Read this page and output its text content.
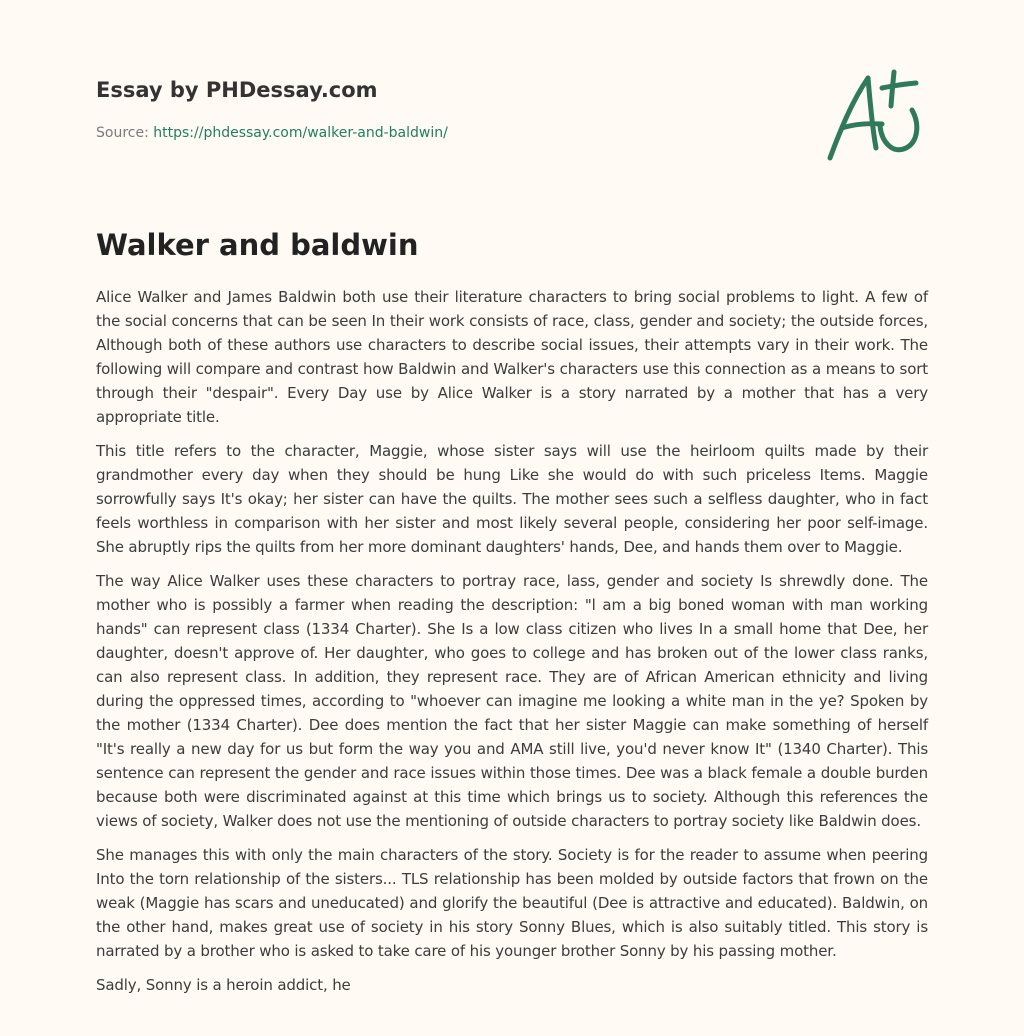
Essay by PHDessay.com
Source: https://phdessay.com/walker-and-baldwin/
Walker and baldwin

Alice Walker and James Baldwin both use their literature characters to bring social problems to light. A few of the social concerns that can be seen In their work consists of race, class, gender and society; the outside forces, Although both of these authors use characters to describe social issues, their attempts vary in their work. The following will compare and contrast how Baldwin and Walker's characters use this connection as a means to sort through their "despair". Every Day use by Alice Walker is a story narrated by a mother that has a very appropriate title.

This title refers to the character, Maggie, whose sister says will use the heirloom quilts made by their grandmother every day when they should be hung Like she would do with such priceless Items. Maggie sorrowfully says It's okay; her sister can have the quilts. The mother sees such a selfless daughter, who in fact feels worthless in comparison with her sister and most likely several people, considering her poor self-image. She abruptly rips the quilts from her more dominant daughters' hands, Dee, and hands them over to Maggie.

The way Alice Walker uses these characters to portray race, lass, gender and society Is shrewdly done. The mother who is possibly a farmer when reading the description: "l am a big boned woman with man working hands" can represent class (1334 Charter). She Is a low class citizen who lives In a small home that Dee, her daughter, doesn't approve of. Her daughter, who goes to college and has broken out of the lower class ranks, can also represent class. In addition, they represent race. They are of African American ethnicity and living during the oppressed times, according to "whoever can imagine me looking a white man in the ye? Spoken by the mother (1334 Charter). Dee does mention the fact that her sister Maggie can make something of herself "It's really a new day for us but form the way you and AMA still live, you'd never know It" (1340 Charter). This sentence can represent the gender and race issues within those times. Dee was a black female a double burden because both were discriminated against at this time which brings us to society. Although this references the views of society, Walker does not use the mentioning of outside characters to portray society like Baldwin does.

She manages this with only the main characters of the story. Society is for the reader to assume when peering Into the torn relationship of the sisters... TLS relationship has been molded by outside factors that frown on the weak (Maggie has scars and uneducated) and glorify the beautiful (Dee is attractive and educated). Baldwin, on the other hand, makes great use of society in his story Sonny Blues, which is also suitably titled. This story is narrated by a brother who is asked to take care of his younger brother Sonny by his passing mother.

Sadly, Sonny is a heroin addict, he
